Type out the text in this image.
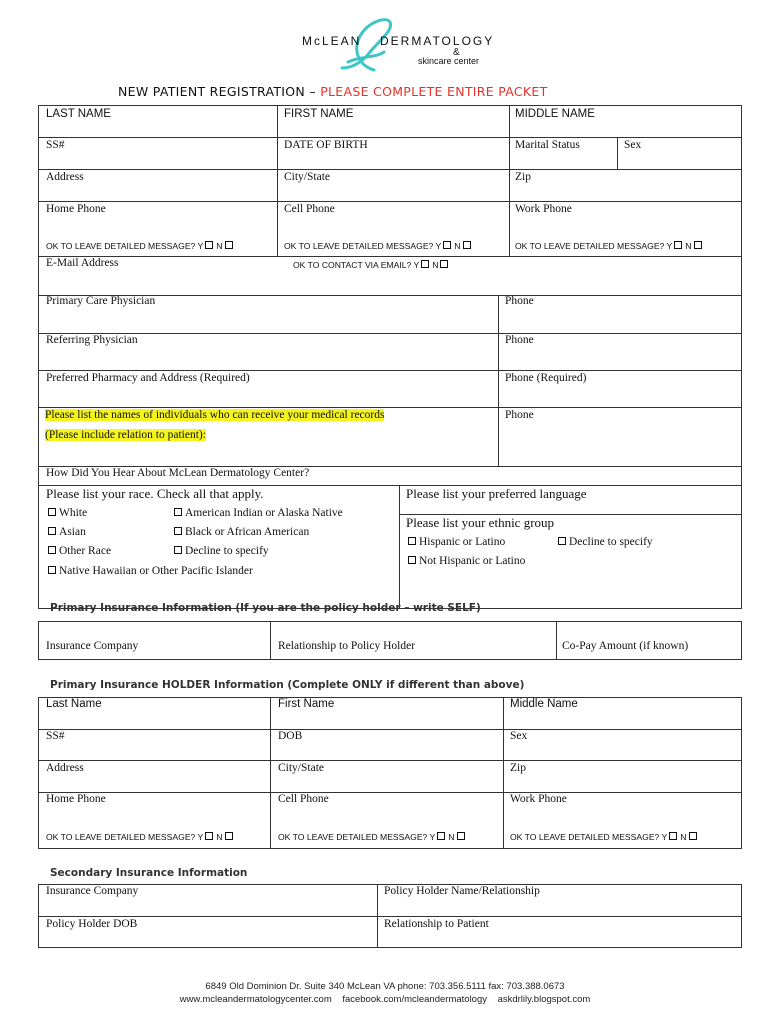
McLEAN DERMATOLOGY
&
skincare center
NEW PATIENT REGISTRATION – PLEASE COMPLETE ENTIRE PACKET
LAST NAME	FIRST NAME	MIDDLE NAME
SS#	DATE OF BIRTH	Marital Status	Sex
Address	City/State	Zip
Home Phone	Cell Phone	Work Phone
OK TO LEAVE DETAILED MESSAGE? Y N	OK TO LEAVE DETAILED MESSAGE? Y N	OK TO LEAVE DETAILED MESSAGE? Y N
E-Mail Address	OK TO CONTACT VIA EMAIL? Y N
Primary Care Physician	Phone
Referring Physician	Phone
Preferred Pharmacy and Address (Required)	Phone (Required)
Please list the names of individuals who can receive your medical records
(Please include relation to patient):
Phone
How Did You Hear About McLean Dermatology Center?
Please list your race. Check all that apply.
White	American Indian or Alaska Native
Asian	Black or African American
Other Race	Decline to specify
Native Hawaiian or Other Pacific Islander
Please list your preferred language
Please list your ethnic group
Hispanic or Latino	Decline to specify
Not Hispanic or Latino
Primary Insurance Information (If you are the policy holder – write SELF)
Insurance Company	Relationship to Policy Holder	Co-Pay Amount (if known)
Primary Insurance HOLDER Information (Complete ONLY if different than above)
Last Name	First Name	Middle Name
SS#	DOB	Sex
Address	City/State	Zip
Home Phone	Cell Phone	Work Phone
OK TO LEAVE DETAILED MESSAGE? Y N	OK TO LEAVE DETAILED MESSAGE? Y N	OK TO LEAVE DETAILED MESSAGE? Y N
Secondary Insurance Information
Insurance Company	Policy Holder Name/Relationship
Policy Holder DOB	Relationship to Patient
6849 Old Dominion Dr. Suite 340 McLean VA phone: 703.356.5111 fax: 703.388.0673
www.mcleandermatologycenter.com facebook.com/mcleandermatology askdrlily.blogspot.com
